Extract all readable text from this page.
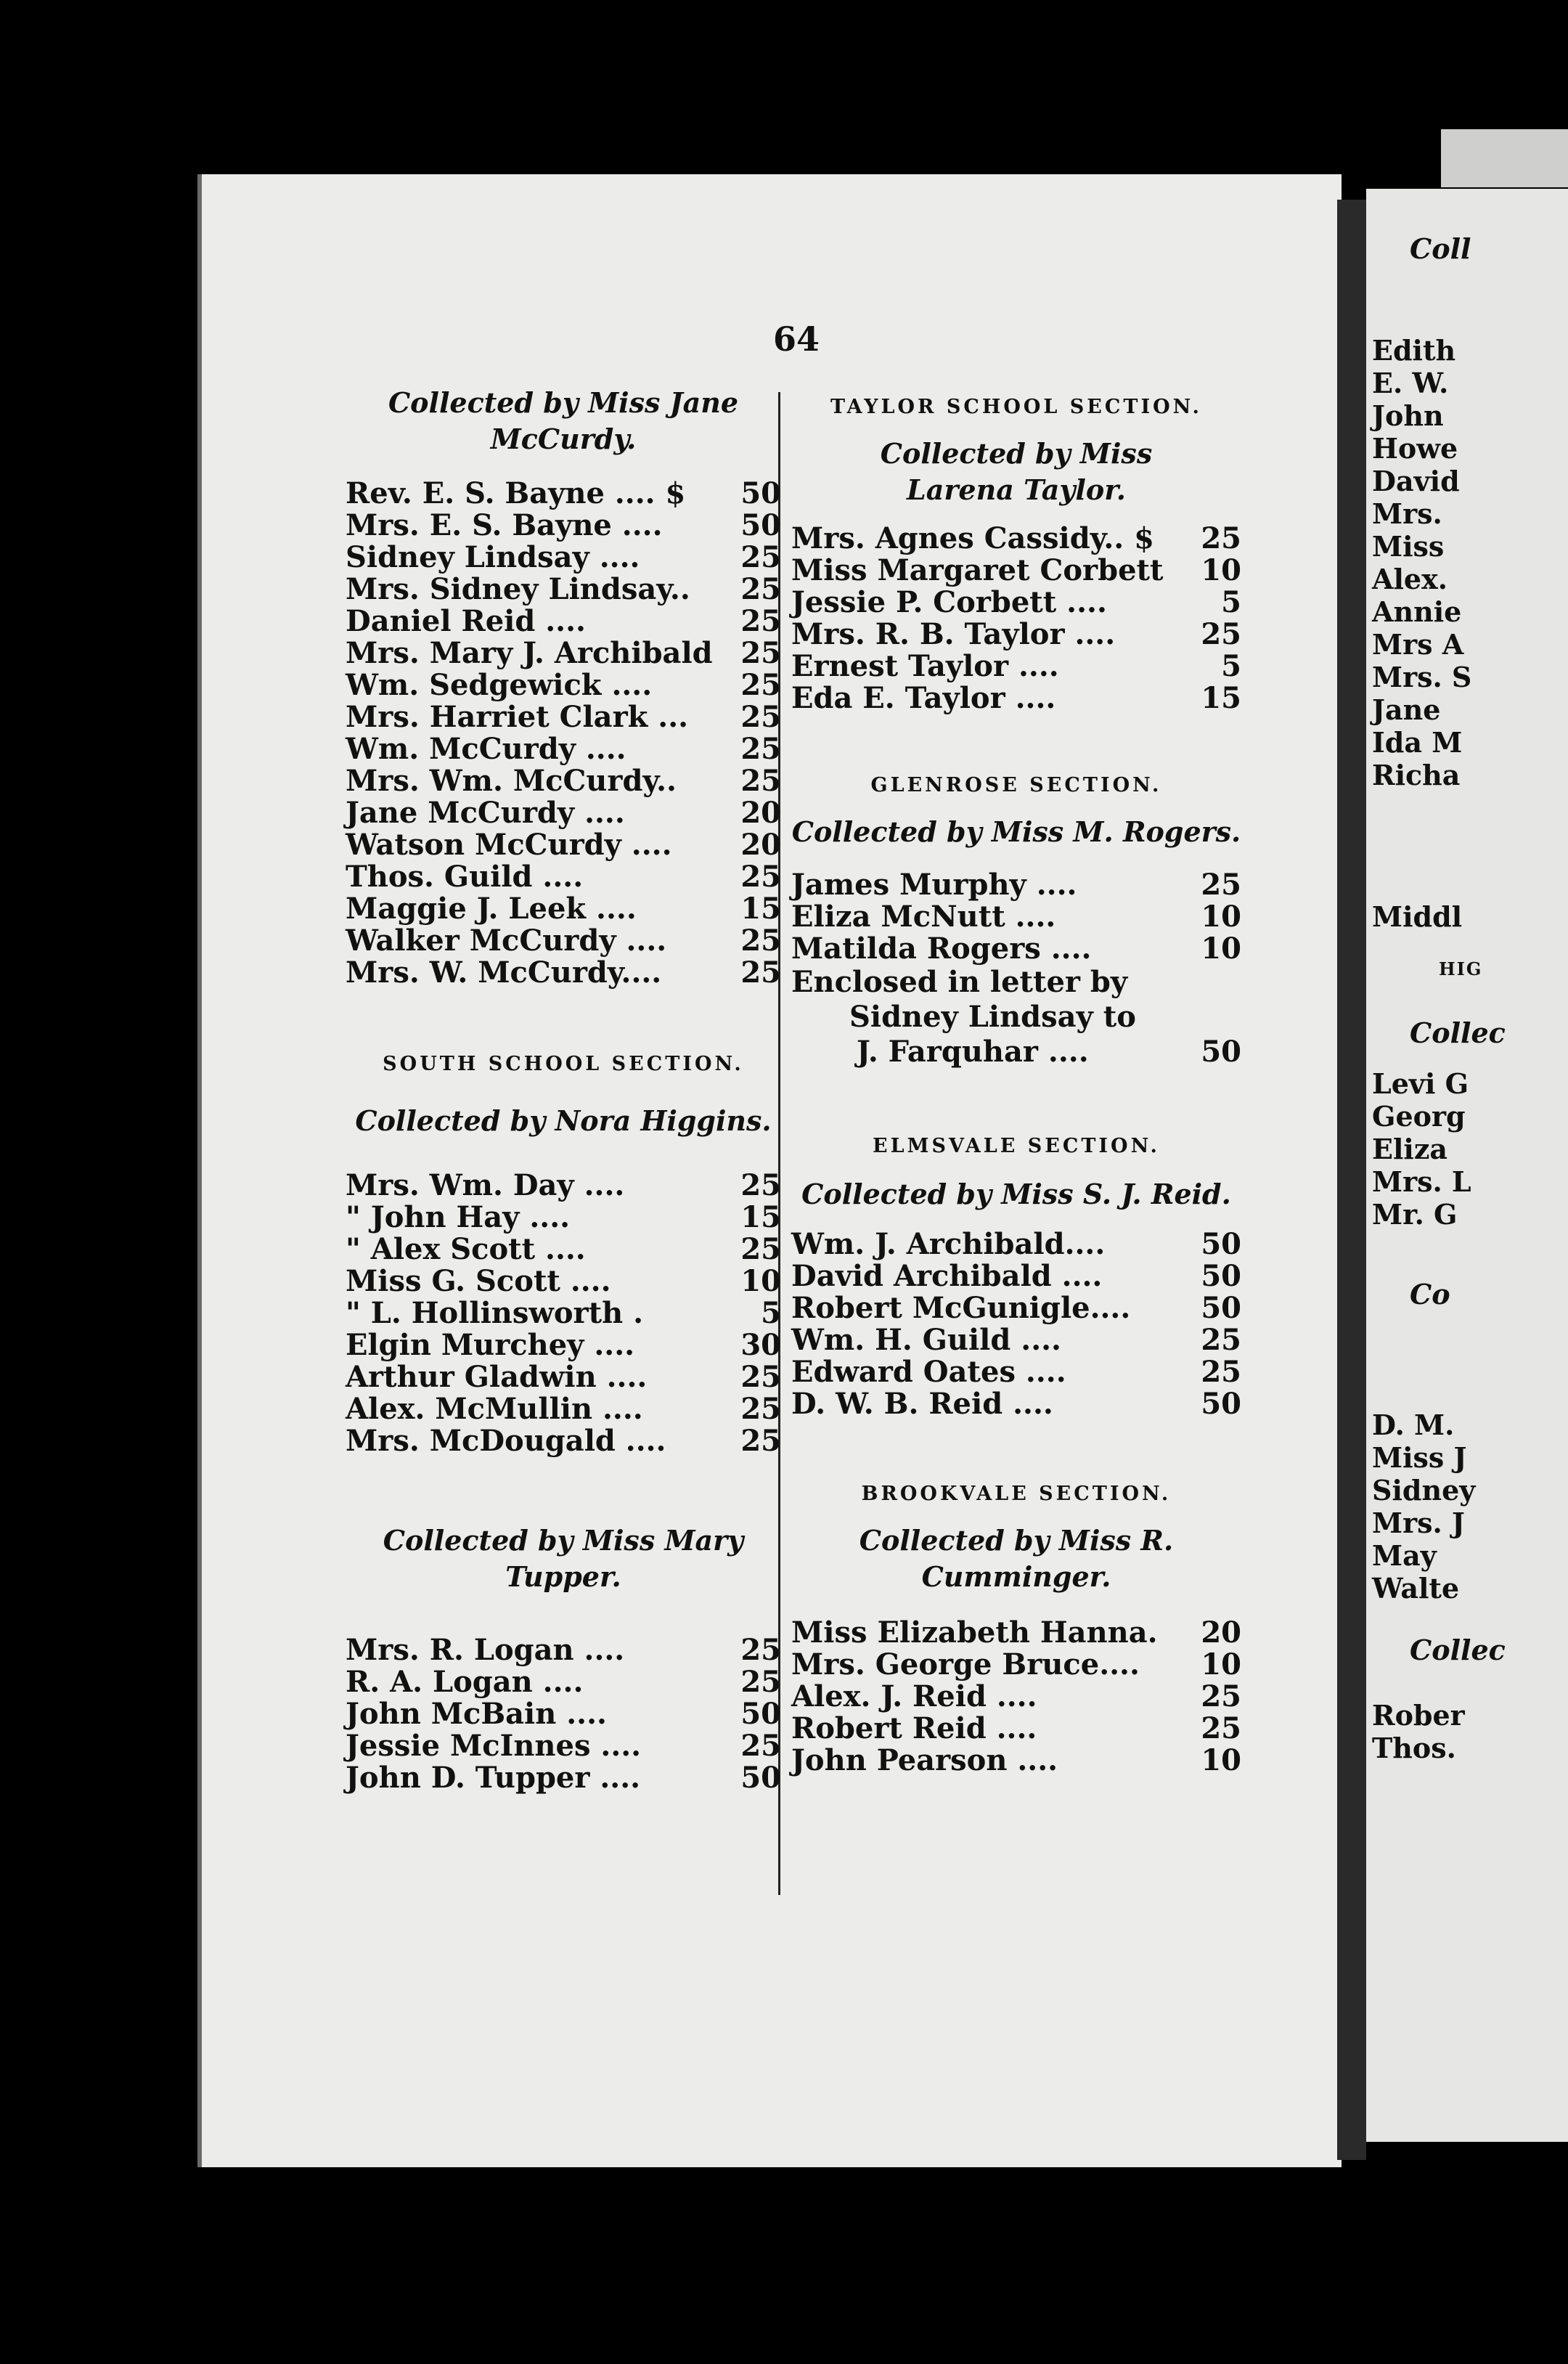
64
Collected by Miss Jane McCurdy.
Rev. E. S. Bayne .... $	50
Mrs. E. S. Bayne ....	50
Sidney Lindsay ....	25
Mrs. Sidney Lindsay..	25
Daniel Reid ....	25
Mrs. Mary J. Archibald 25
Wm. Sedgewick ....	25
Mrs. Harriet Clark ...	25
Wm. McCurdy ....	25
Mrs. Wm. McCurdy..	25
Jane McCurdy ....	20
Watson McCurdy ....	20
Thos. Guild ....	25
Maggie J. Leek ....	15
Walker McCurdy ....	25
Mrs. W. McCurdy....	25
SOUTH SCHOOL SECTION.
Collected by Nora Higgins.
Mrs. Wm. Day ....	25
" John Hay ....	15
" Alex Scott ....	25
Miss G. Scott ....	10
" L. Hollinsworth .	5
Elgin Murchey ....	30
Arthur Gladwin ....	25
Alex. McMullin ....	25
Mrs. McDougald ....	25
Collected by Miss Mary Tupper.
Mrs. R. Logan ....	25
R. A. Logan ....	25
John McBain ....	50
Jessie McInnes ....	25
John D. Tupper ....	50
TAYLOR SCHOOL SECTION.
Collected by Miss Larena Taylor.
Mrs. Agnes Cassidy.. $	25
Miss Margaret Corbett	10
Jessie P. Corbett ....	5
Mrs. R. B. Taylor ....	25
Ernest Taylor ....	5
Eda E. Taylor ....	15
GLENROSE SECTION.
Collected by Miss M. Rogers.
James Murphy ....	25
Eliza McNutt ....	10
Matilda Rogers ....	10
Enclosed in letter by
Sidney Lindsay to
J. Farquhar ....	50
ELMSVALE SECTION.
Collected by Miss S. J. Reid.
Wm. J. Archibald....	50
David Archibald ....	50
Robert McGunigle....	50
Wm. H. Guild ....	25
Edward Oates ....	25
D. W. B. Reid ....	50
BROOKVALE SECTION.
Collected by Miss R. Cumminger.
Miss Elizabeth Hanna.	20
Mrs. George Bruce....	10
Alex. J. Reid ....	25
Robert Reid ....	25
John Pearson ....	10
Coll
Edith
E. W.
John
Howe
David
Mrs.
Miss
Alex.
Annie
Mrs A
Mrs. S
Jane
Ida M
Richa
Middl
HIG
Collec
Levi G
Georg
Eliza
Mrs. L
Mr. G
Co
D. M.
Miss J
Sidney
Mrs. J
May
Walte
Collec
Rober
Thos.
